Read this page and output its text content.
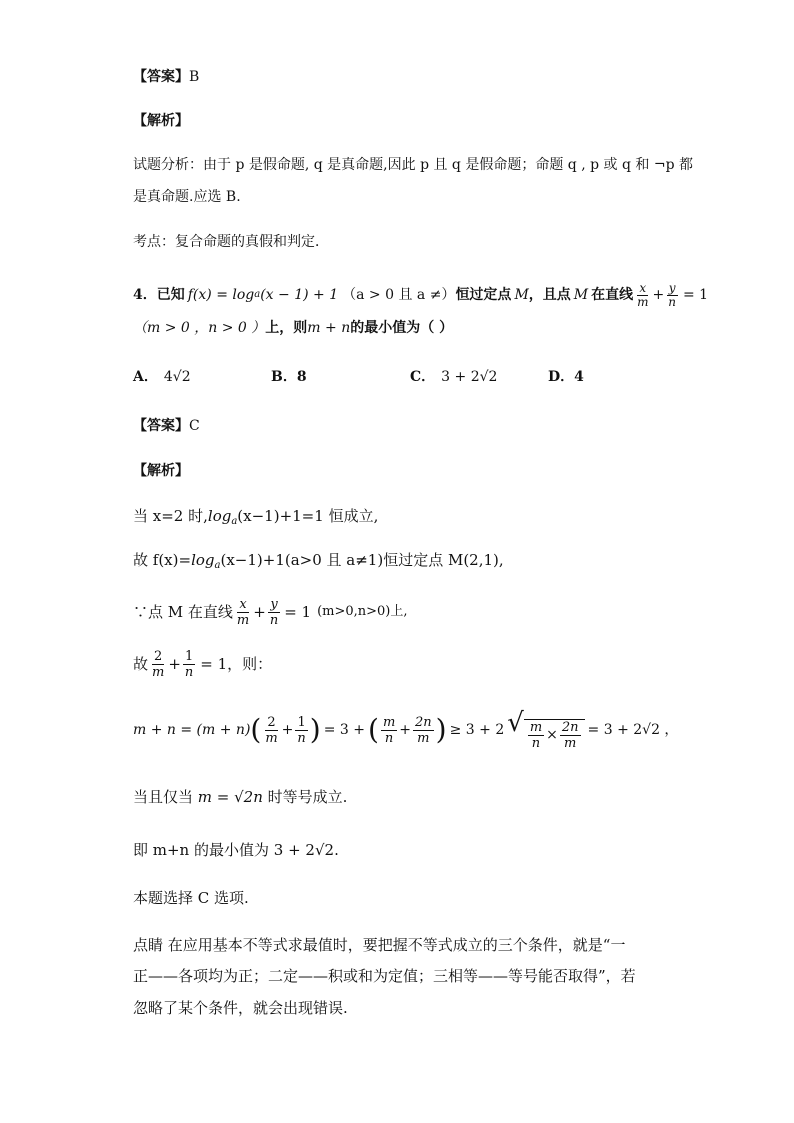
【答案】B
【解析】
试题分析：由于 p 是假命题, q 是真命题,因此 p 且 q 是假命题；命题 q , p 或 q 和 ¬p 都
是真命题.应选 B.
考点：复合命题的真假和判定．
4． 已知 f(x) = log a (x − 1) + 1 （a > 0 且 a ≠） 恒过定点 M ，且点 M 在直线 $\frac{x}{m} + \frac{y}{n} = 1$
（m > 0 ，n > 0 ）上，则m + n的最小值为（ ）
A． 4√2	B．8	C． 3 + 2√2	D．4
【答案】C
【解析】
当 x=2 时$,\log_a(x-1)+1=1$ 恒成立,
故 $f(x)=\log_a(x-1)+1(a>0$ 且 a≠1)恒过定点 M(2,1),
∵点 M 在直线 $\frac{x}{m} + \frac{y}{n} = 1$ (m>0,n>0)上,
故 $\frac{2}{m} + \frac{1}{n} = 1$，则：
m + n = (m + n) ( $\frac{2}{m} + \frac{1}{n}$ ) = 3 + ( $\frac{m}{n} + \frac{2n}{m}$ ) ≥ 3 + 2 √ $\frac{m}{n} \times \frac{2n}{m} = 3 + 2√2$ ，
当且仅当 m = √2n 时等号成立.
即 m+n 的最小值为 3 + 2√2.
本题选择 C 选项.
点睛 在应用基本不等式求最值时，要把握不等式成立的三个条件，就是“一
正——各项均为正；二定——积或和为定值；三相等——等号能否取得”，若
忽略了某个条件，就会出现错误.
